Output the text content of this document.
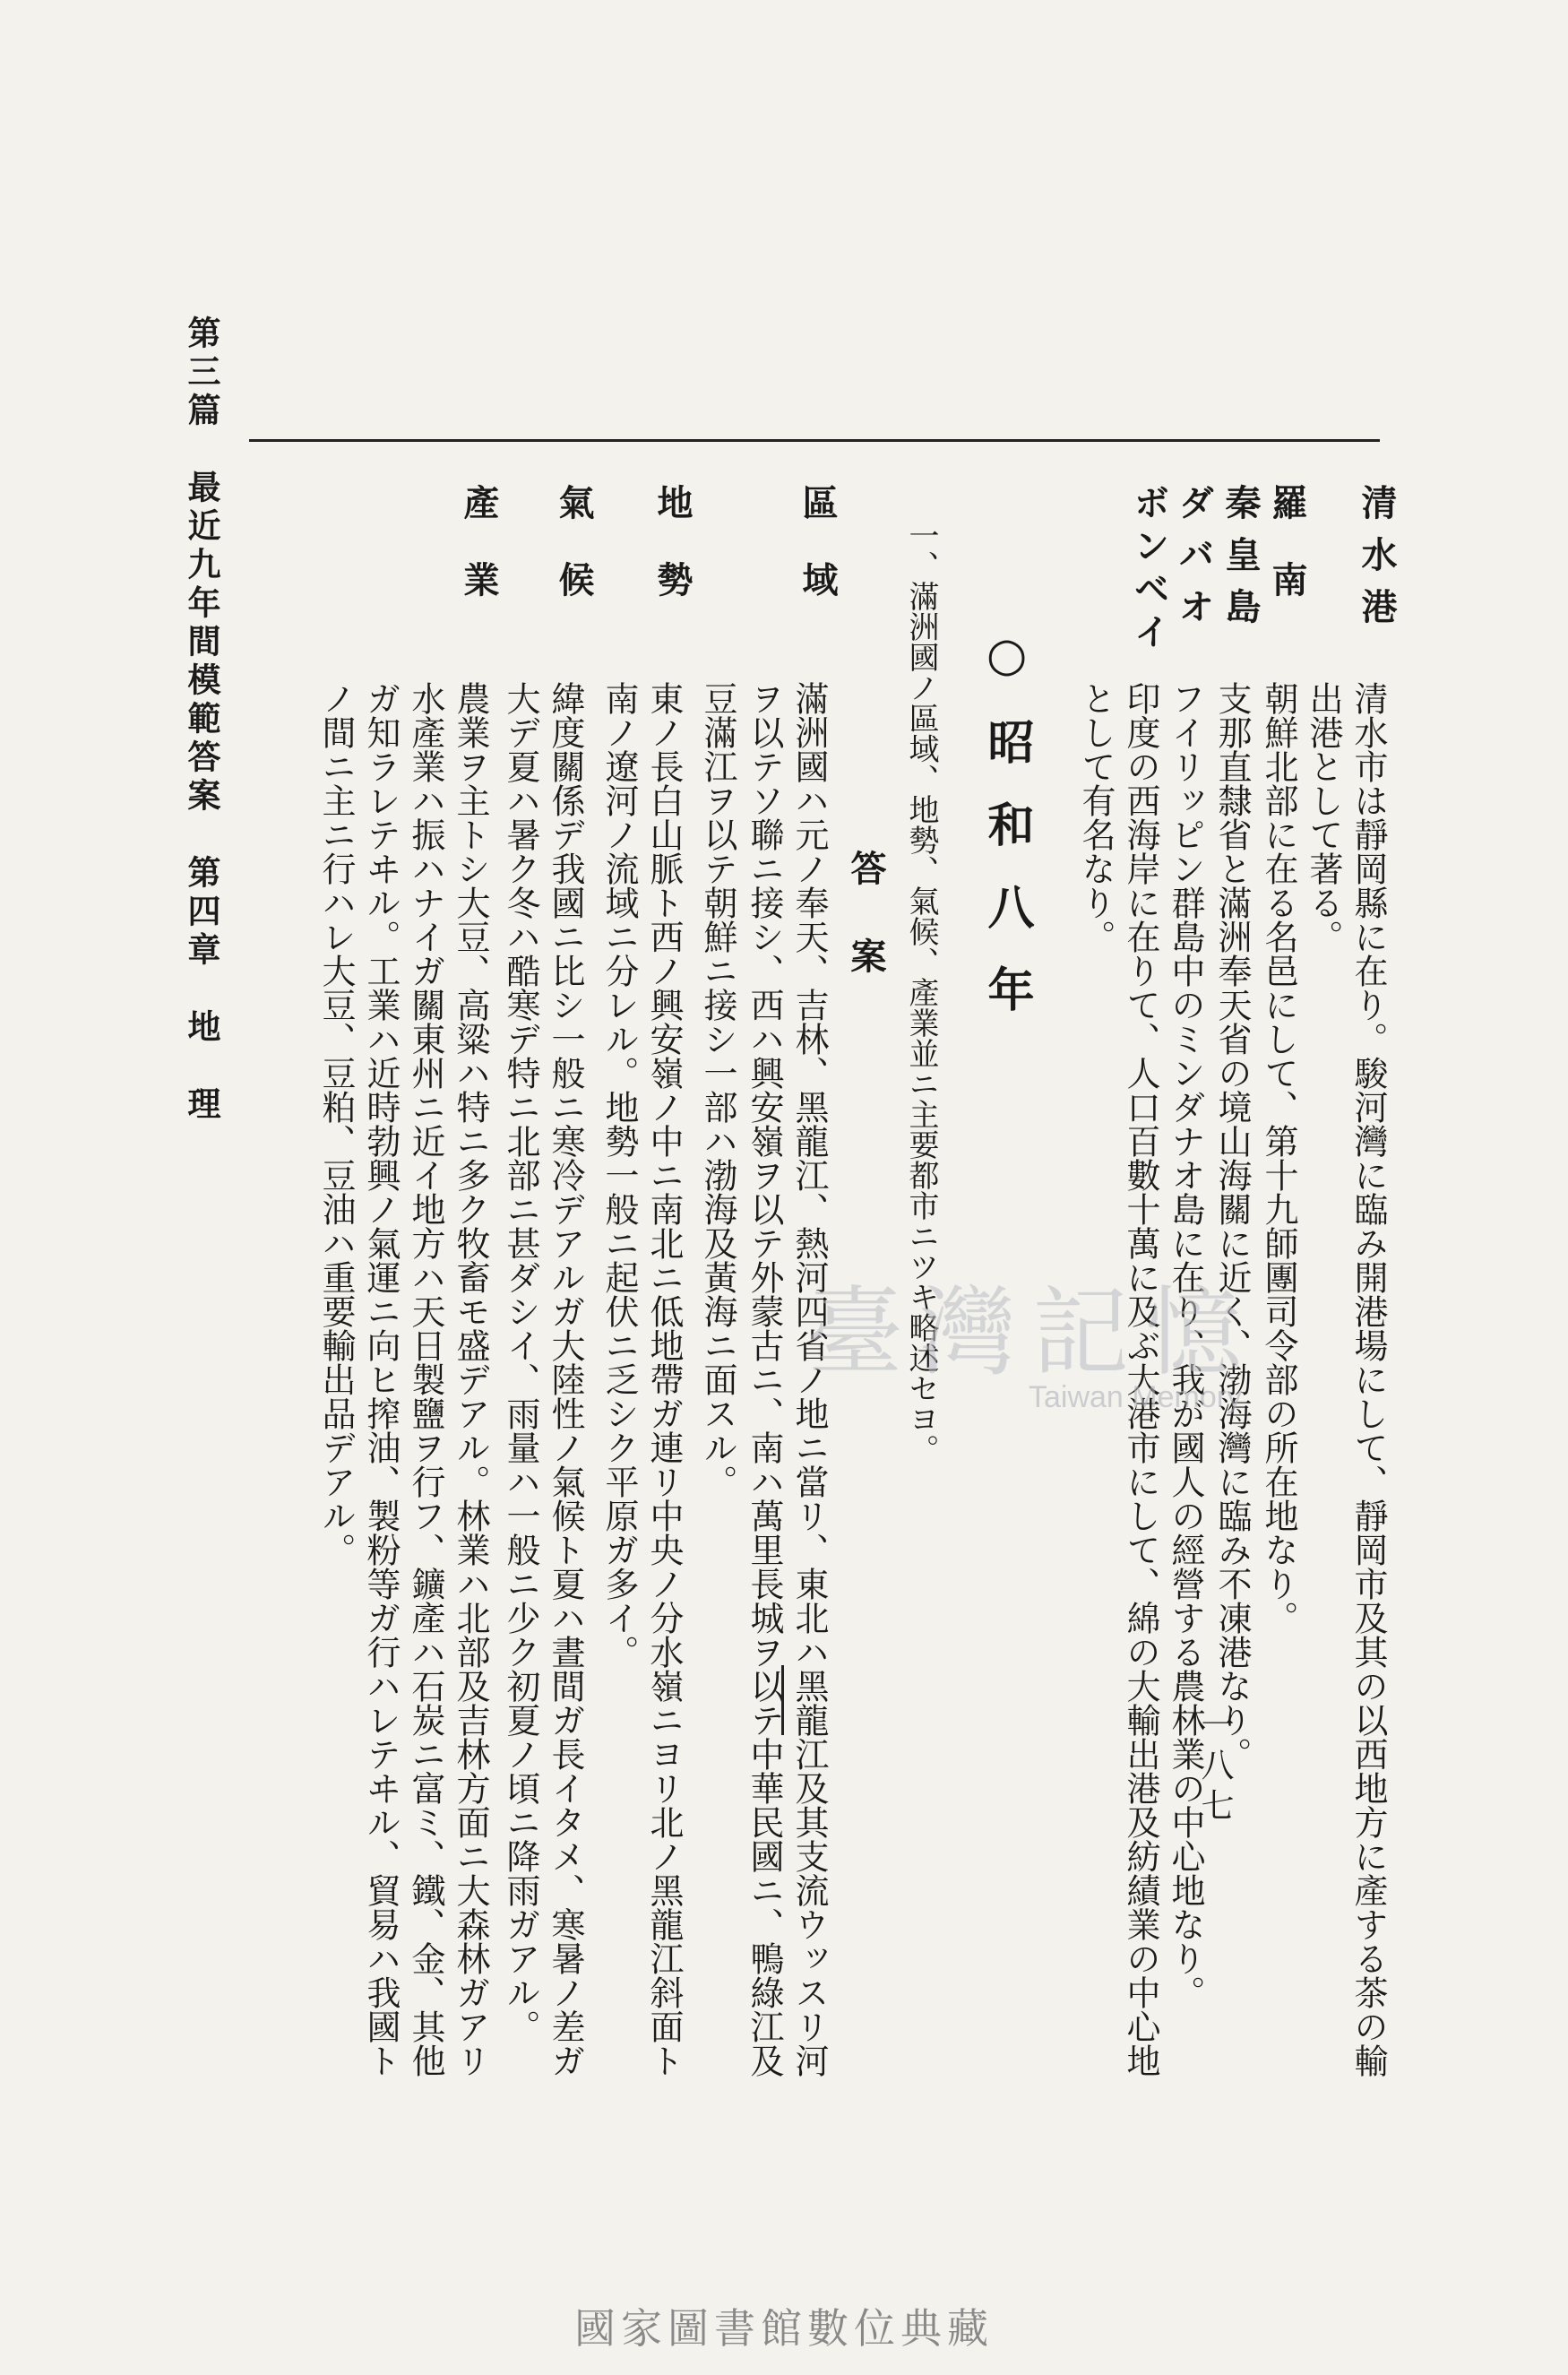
第三篇　最近九年間模範答案　第四章　地　理
一八七
清水港
清水市は靜岡縣に在り。駿河灣に臨み開港場にして、靜岡市及其の以西地方に產する茶の輸
出港として著る。
羅南
朝鮮北部に在る名邑にして、第十九師團司令部の所在地なり。
秦皇島
支那直隸省と滿洲奉天省の境山海關に近く、渤海灣に臨み不凍港なり。
ダバオ
フイリッピン群島中のミンダナオ島に在り、我が國人の經營する農林業の中心地なり。
ボンベイ
印度の西海岸に在りて、人口百數十萬に及ぶ大港市にして、綿の大輸出港及紡績業の中心地
として有名なり。
○昭和八年
一、滿洲國ノ區域、地勢、氣候、產業並ニ主要都市ニツキ略述セヨ。
答案
區域
滿洲國ハ元ノ奉天、吉林、黑龍江、熱河四省ノ地ニ當リ、東北ハ黑龍江及其支流ウッスリ河
ヲ以テソ聯ニ接シ、西ハ興安嶺ヲ以テ外蒙古ニ、南ハ萬里長城ヲ以テ中華民國ニ、鴨綠江及
豆滿江ヲ以テ朝鮮ニ接シ一部ハ渤海及黃海ニ面スル。
地勢
東ノ長白山脈ト西ノ興安嶺ノ中ニ南北ニ低地帶ガ連リ中央ノ分水嶺ニヨリ北ノ黑龍江斜面ト
南ノ遼河ノ流域ニ分レル。地勢一般ニ起伏ニ乏シク平原ガ多イ。
氣候
緯度關係デ我國ニ比シ一般ニ寒冷デアルガ大陸性ノ氣候ト夏ハ晝間ガ長イタメ、寒暑ノ差ガ
大デ夏ハ暑ク冬ハ酷寒デ特ニ北部ニ甚ダシイ、雨量ハ一般ニ少ク初夏ノ頃ニ降雨ガアル。
產業
農業ヲ主トシ大豆、高粱ハ特ニ多ク牧畜モ盛デアル。林業ハ北部及吉林方面ニ大森林ガアリ
水產業ハ振ハナイガ關東州ニ近イ地方ハ天日製鹽ヲ行フ、鑛產ハ石炭ニ富ミ、鐵、金、其他
ガ知ラレテヰル。工業ハ近時勃興ノ氣運ニ向ヒ搾油、製粉等ガ行ハレテヰル、貿易ハ我國ト
ノ間ニ主ニ行ハレ大豆、豆粕、豆油ハ重要輸出品デアル。	臺灣記憶
Taiwan Memory
國家圖書館數位典藏
